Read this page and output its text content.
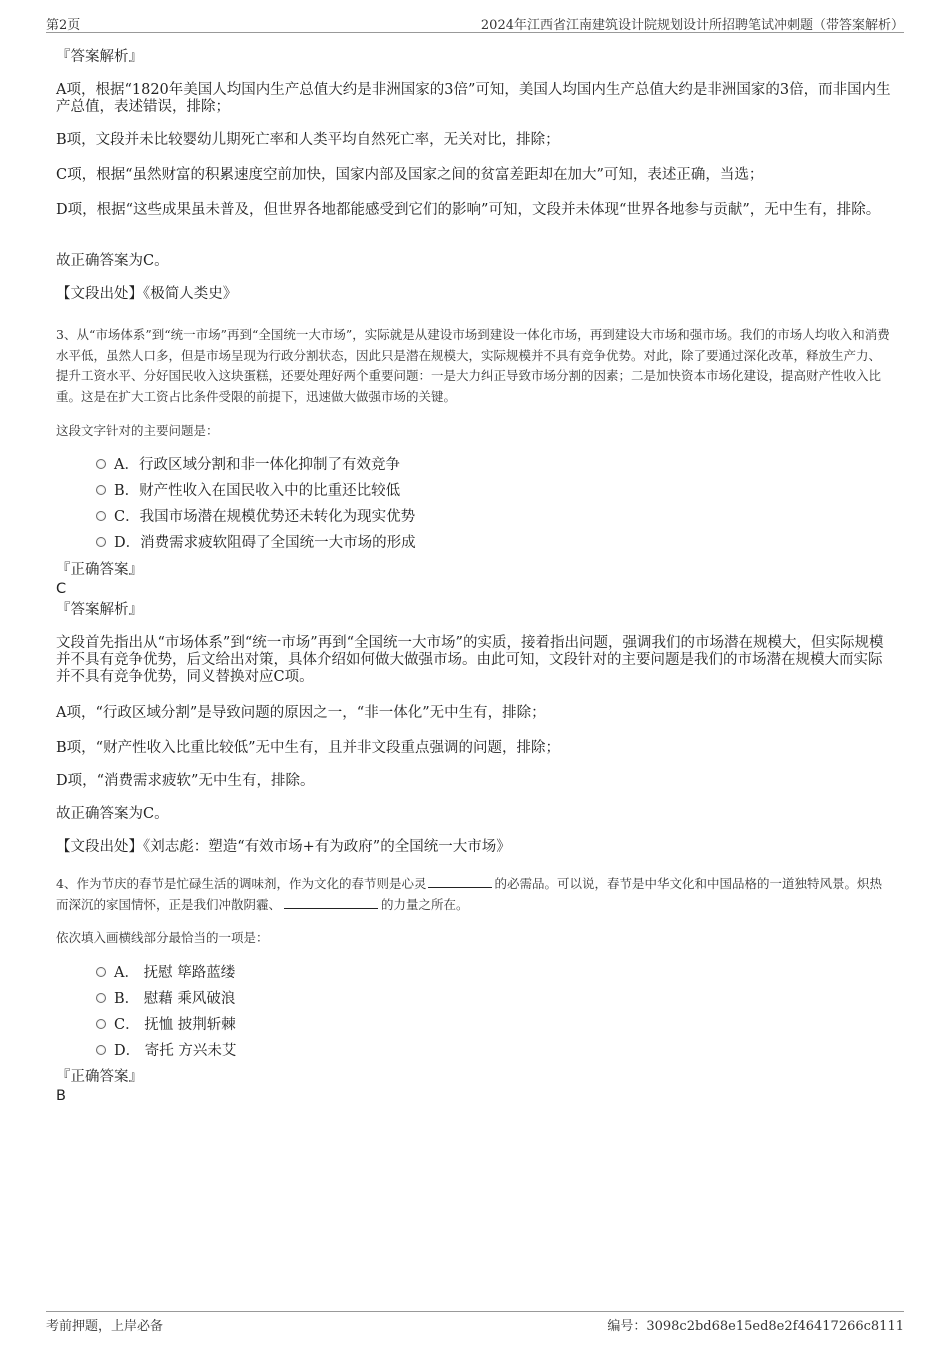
第2页	2024年江西省江南建筑设计院规划设计所招聘笔试冲刺题（带答案解析）
『答案解析』
A项，根据“1820年美国人均国内生产总值大约是非洲国家的3倍”可知，美国人均国内生产总值大约是非洲国家的3倍，而非国内生产总值，表述错误，排除；
B项，文段并未比较婴幼儿期死亡率和人类平均自然死亡率，无关对比，排除；
C项，根据“虽然财富的积累速度空前加快，国家内部及国家之间的贫富差距却在加大”可知，表述正确，当选；
D项，根据“这些成果虽未普及，但世界各地都能感受到它们的影响”可知，文段并未体现“世界各地参与贡献”，无中生有，排除。
故正确答案为C。
【文段出处】《极简人类史》
3、从“市场体系”到“统一市场”再到“全国统一大市场”，实际就是从建设市场到建设一体化市场，再到建设大市场和强市场。我们的市场人均收入和消费水平低，虽然人口多，但是市场呈现为行政分割状态，因此只是潜在规模大，实际规模并不具有竞争优势。对此，除了要通过深化改革，释放生产力、提升工资水平、分好国民收入这块蛋糕，还要处理好两个重要问题：一是大力纠正导致市场分割的因素；二是加快资本市场化建设，提高财产性收入比重。这是在扩大工资占比条件受限的前提下，迅速做大做强市场的关键。
这段文字针对的主要问题是：
A．行政区域分割和非一体化抑制了有效竞争
B．财产性收入在国民收入中的比重还比较低
C．我国市场潜在规模优势还未转化为现实优势
D．消费需求疲软阻碍了全国统一大市场的形成
『正确答案』
C
『答案解析』
文段首先指出从“市场体系”到“统一市场”再到“全国统一大市场”的实质，接着指出问题，强调我们的市场潜在规模大，但实际规模并不具有竞争优势，后文给出对策，具体介绍如何做大做强市场。由此可知，文段针对的主要问题是我们的市场潜在规模大而实际并不具有竞争优势，同义替换对应C项。
A项，“行政区域分割”是导致问题的原因之一，“非一体化”无中生有，排除；
B项，“财产性收入比重比较低”无中生有，且并非文段重点强调的问题，排除；
D项，“消费需求疲软”无中生有，排除。
故正确答案为C。
【文段出处】《刘志彪：塑造“有效市场+有为政府”的全国统一大市场》
4、作为节庆的春节是忙碌生活的调味剂，作为文化的春节则是心灵	的必需品。可以说，春节是中华文化和中国品格的一道独特风景。炽热而深沉的家国情怀，正是我们冲散阴霾、	的力量之所在。
依次填入画横线部分最恰当的一项是：
A． 抚慰 筚路蓝缕
B． 慰藉 乘风破浪
C． 抚恤 披荆斩棘
D． 寄托 方兴未艾
『正确答案』
B
考前押题，上岸必备	编号：3098c2bd68e15ed8e2f46417266c8111
